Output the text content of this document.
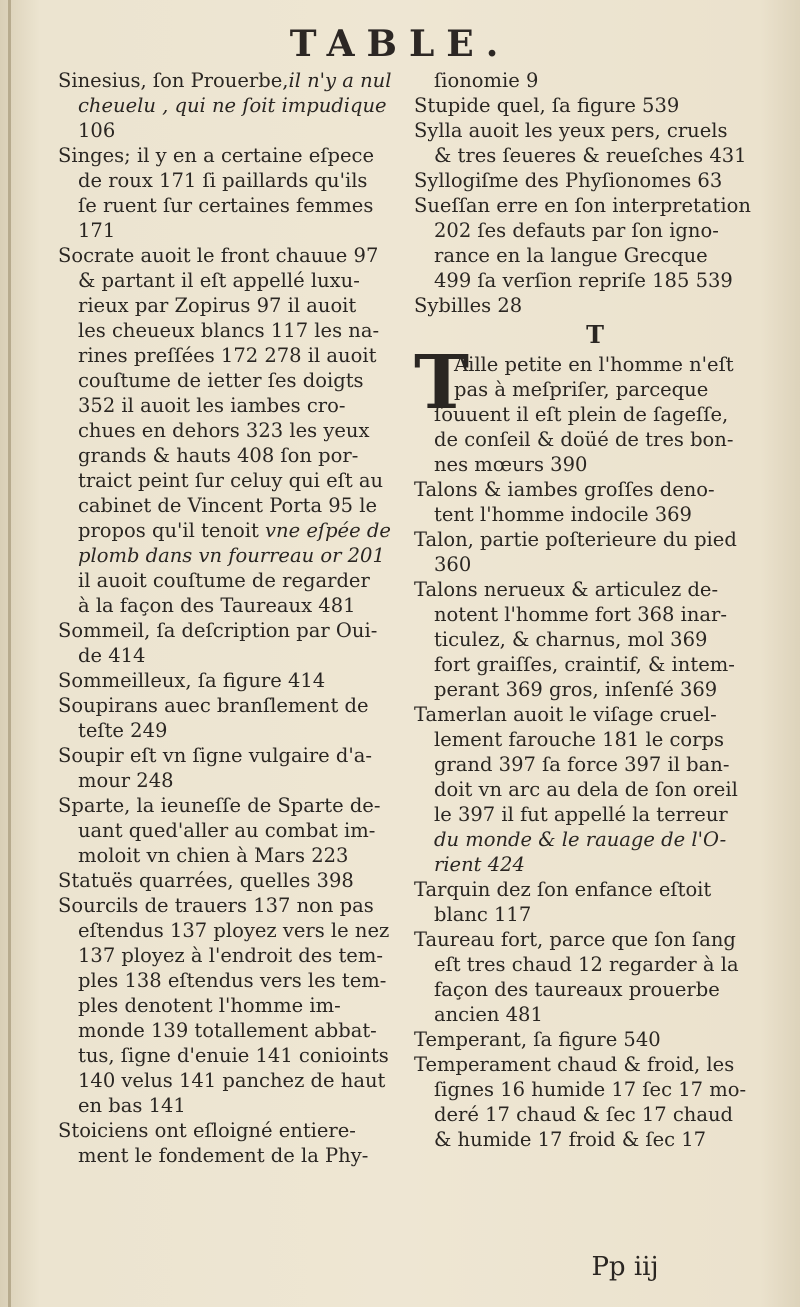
TABLE.
Sinesius, ſon Prouerbe,il n'y a nul
cheuelu , qui ne ſoit impudique
106
Singes; il y en a certaine eſpece
de roux 171 ſi paillards qu'ils
ſe ruent ſur certaines femmes
171
Socrate auoit le front chauue 97
& partant il eſt appellé luxu-
rieux par Zopirus 97 il auoit
les cheueux blancs 117 les na-
rines preſſées 172 278 il auoit
couſtume de ietter ſes doigts
352 il auoit les iambes cro-
chues en dehors 323 les yeux
grands & hauts 408 ſon por-
traict peint ſur celuy qui eſt au
cabinet de Vincent Porta 95 le
propos qu'il tenoit vne eſpée de
plomb dans vn fourreau or 201
il auoit couſtume de regarder
à la façon des Taureaux 481
Sommeil, ſa deſcription par Oui-
de 414
Sommeilleux, ſa figure 414
Soupirans auec branſlement de
teſte 249
Soupir eſt vn ſigne vulgaire d'a-
mour 248
Sparte, la ieuneſſe de Sparte de-
uant qued'aller au combat im-
moloit vn chien à Mars 223
Statuës quarrées, quelles 398
Sourcils de trauers 137 non pas
eſtendus 137 ployez vers le nez
137 ployez à l'endroit des tem-
ples 138 eſtendus vers les tem-
ples denotent l'homme im-
monde 139 totallement abbat-
tus, ſigne d'enuie 141 conioints
140 velus 141 panchez de haut
en bas 141
Stoiciens ont eſloigné entiere-
ment le fondement de la Phy-
ſionomie 9
Stupide quel, ſa figure 539
Sylla auoit les yeux pers, cruels
& tres ſeueres & reueſches 431
Syllogiſme des Phyſionomes 63
Sueſſan erre en ſon interpretation
202 ſes defauts par ſon igno-
rance en la langue Grecque
499 ſa verſion repriſe 185 539
Sybilles 28
T
T
Aille petite en l'homme n'eſt
pas à meſpriſer, parceque
ſouuent il eſt plein de ſageſſe,
de conſeil & doüé de tres bon-
nes mœurs 390
Talons & iambes groſſes deno-
tent l'homme indocile 369
Talon, partie poſterieure du pied
360
Talons nerueux & articulez de-
notent l'homme fort 368 inar-
ticulez, & charnus, mol 369
fort graiſſes, craintif, & intem-
perant 369 gros, inſenſé 369
Tamerlan auoit le viſage cruel-
lement farouche 181 le corps
grand 397 ſa force 397 il ban-
doit vn arc au dela de ſon oreil
le 397 il fut appellé la terreur
du monde & le rauage de l'O-
rient 424
Tarquin dez ſon enfance eſtoit
blanc 117
Taureau fort, parce que ſon ſang
eſt tres chaud 12 regarder à la
façon des taureaux prouerbe
ancien 481
Temperant, ſa figure 540
Temperament chaud & froid, les
ſignes 16 humide 17 ſec 17 mo-
deré 17 chaud & ſec 17 chaud
& humide 17 froid & ſec 17
Pp iij
